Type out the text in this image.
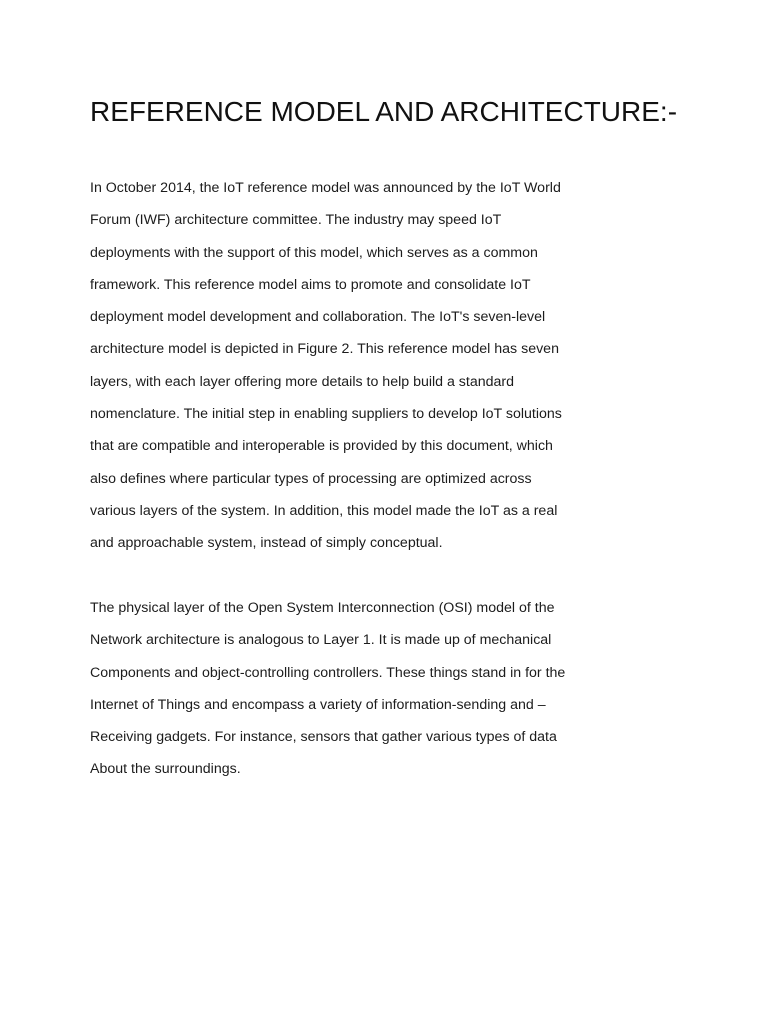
REFERENCE MODEL AND ARCHITECTURE:-

In October 2014, the IoT reference model was announced by the IoT World
Forum (IWF) architecture committee. The industry may speed IoT
deployments with the support of this model, which serves as a common
framework. This reference model aims to promote and consolidate IoT
deployment model development and collaboration. The IoT's seven-level
architecture model is depicted in Figure 2. This reference model has seven
layers, with each layer offering more details to help build a standard
nomenclature. The initial step in enabling suppliers to develop IoT solutions
that are compatible and interoperable is provided by this document, which
also defines where particular types of processing are optimized across
various layers of the system. In addition, this model made the IoT as a real
and approachable system, instead of simply conceptual.

The physical layer of the Open System Interconnection (OSI) model of the
Network architecture is analogous to Layer 1. It is made up of mechanical
Components and object-controlling controllers. These things stand in for the
Internet of Things and encompass a variety of information-sending and –
Receiving gadgets. For instance, sensors that gather various types of data
About the surroundings.
